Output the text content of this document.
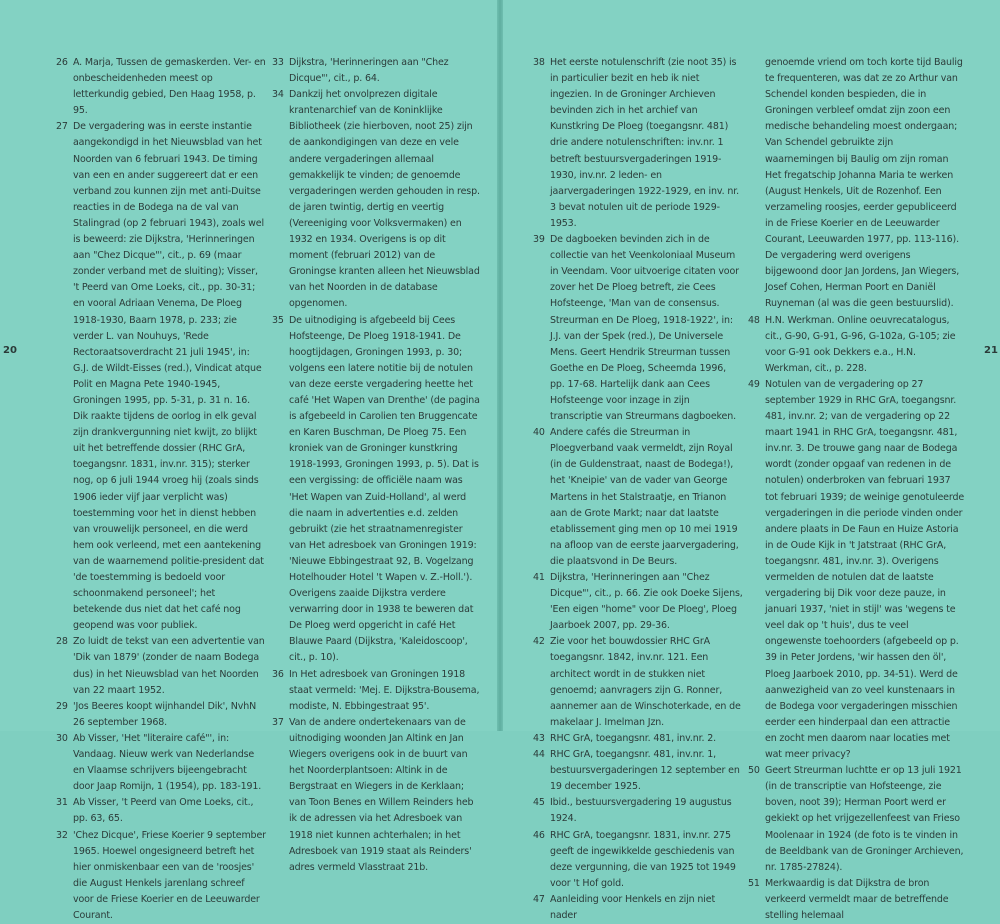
26 A. Marja, Tussen de gemaskerden. Ver- en onbescheidenheden meest op letterkundig gebied, Den Haag 1958, p. 95.

27 De vergadering was in eerste instantie aangekondigd in het Nieuwsblad van het Noorden van 6 februari 1943. De timing van een en ander suggereert dat er een verband zou kunnen zijn met anti-Duitse reacties in de Bodega na de val van Stalingrad (op 2 februari 1943), zoals wel is beweerd: zie Dijkstra, 'Herinneringen aan "Chez Dicque"', cit., p. 69 (maar zonder verband met de sluiting); Visser, 't Peerd van Ome Loeks, cit., pp. 30-31; en vooral Adriaan Venema, De Ploeg 1918-1930, Baarn 1978, p. 233; zie verder L. van Nouhuys, 'Rede Rectoraatsoverdracht 21 juli 1945', in: G.J. de Wildt-Eisses (red.), Vindicat atque Polit en Magna Pete 1940-1945, Groningen 1995, pp. 5-31, p. 31 n. 16. Dik raakte tijdens de oorlog in elk geval zijn drankvergunning niet kwijt, zo blijkt uit het betreffende dossier (RHC GrA, toegangsnr. 1831, inv.nr. 315); sterker nog, op 6 juli 1944 vroeg hij (zoals sinds 1906 ieder vijf jaar verplicht was) toestemming voor het in dienst hebben van vrouwelijk personeel, en die werd hem ook verleend, met een aantekening van de waarnemend politie-president dat 'de toestemming is bedoeld voor schoonmakend personeel'; het betekende dus niet dat het café nog geopend was voor publiek.

28 Zo luidt de tekst van een advertentie van 'Dik van 1879' (zonder de naam Bodega dus) in het Nieuwsblad van het Noorden van 22 maart 1952.

29 'Jos Beeres koopt wijnhandel Dik', NvhN 26 september 1968.

30 Ab Visser, 'Het "literaire café"', in: Vandaag. Nieuw werk van Nederlandse en Vlaamse schrijvers bijeengebracht door Jaap Romijn, 1 (1954), pp. 183-191.

31 Ab Visser, 't Peerd van Ome Loeks, cit., pp. 63, 65.

32 'Chez Dicque', Friese Koerier 9 september 1965. Hoewel ongesigneerd betreft het hier onmiskenbaar een van de 'roosjes' die August Henkels jarenlang schreef voor de Friese Koerier en de Leeuwarder Courant.

33 Dijkstra, 'Herinneringen aan "Chez Dicque"', cit., p. 64.

34 Dankzij het onvolprezen digitale krantenarchief van de Koninklijke Bibliotheek (zie hierboven, noot 25) zijn de aankondigingen van deze en vele andere vergaderingen allemaal gemakkelijk te vinden; de genoemde vergaderingen werden gehouden in resp. de jaren twintig, dertig en veertig (Vereeniging voor Volksvermaken) en 1932 en 1934. Overigens is op dit moment (februari 2012) van de Groningse kranten alleen het Nieuwsblad van het Noorden in de database opgenomen.

35 De uitnodiging is afgebeeld bij Cees Hofsteenge, De Ploeg 1918-1941. De hoogtijdagen, Groningen 1993, p. 30; volgens een latere notitie bij de notulen van deze eerste vergadering heette het café 'Het Wapen van Drenthe' (de pagina is afgebeeld in Carolien ten Bruggencate en Karen Buschman, De Ploeg 75. Een kroniek van de Groninger kunstkring 1918-1993, Groningen 1993, p. 5). Dat is een vergissing: de officiële naam was 'Het Wapen van Zuid-Holland', al werd die naam in advertenties e.d. zelden gebruikt (zie het straatnamenregister van Het adresboek van Groningen 1919: 'Nieuwe Ebbingestraat 92, B. Vogelzang Hotelhouder Hotel 't Wapen v. Z.-Holl.'). Overigens zaaide Dijkstra verdere verwarring door in 1938 te beweren dat De Ploeg werd opgericht in café Het Blauwe Paard (Dijkstra, 'Kaleidoscoop', cit., p. 10).

36 In Het adresboek van Groningen 1918 staat vermeld: 'Mej. E. Dijkstra-Bousema, modiste, N. Ebbingestraat 95'.

37 Van de andere ondertekenaars van de uitnodiging woonden Jan Altink en Jan Wiegers overigens ook in de buurt van het Noorderplantsoen: Altink in de Bergstraat en Wiegers in de Kerklaan; van Toon Benes en Willem Reinders heb ik de adressen via het Adresboek van 1918 niet kunnen achterhalen; in het Adresboek van 1919 staat als Reinders' adres vermeld Vlasstraat 21b.

20

38 Het eerste notulenschrift (zie noot 35) is in particulier bezit en heb ik niet ingezien. In de Groninger Archieven bevinden zich in het archief van Kunstkring De Ploeg (toegangsnr. 481) drie andere notulenschriften: inv.nr. 1 betreft bestuursvergaderingen 1919-1930, inv.nr. 2 leden- en jaarvergaderingen 1922-1929, en inv. nr. 3 bevat notulen uit de periode 1929-1953.

39 De dagboeken bevinden zich in de collectie van het Veenkoloniaal Museum in Veendam. Voor uitvoerige citaten voor zover het De Ploeg betreft, zie Cees Hofsteenge, 'Man van de consensus. Streurman en De Ploeg, 1918-1922', in: J.J. van der Spek (red.), De Universele Mens. Geert Hendrik Streurman tussen Goethe en De Ploeg, Scheemda 1996, pp. 17-68. Hartelijk dank aan Cees Hofsteenge voor inzage in zijn transcriptie van Streurmans dagboeken.

40 Andere cafés die Streurman in Ploegverband vaak vermeldt, zijn Royal (in de Guldenstraat, naast de Bodega!), het 'Kneipie' van de vader van George Martens in het Stalstraatje, en Trianon aan de Grote Markt; naar dat laatste etablissement ging men op 10 mei 1919 na afloop van de eerste jaarvergadering, die plaatsvond in De Beurs.

41 Dijkstra, 'Herinneringen aan "Chez Dicque"', cit., p. 66. Zie ook Doeke Sijens, 'Een eigen "home" voor De Ploeg', Ploeg Jaarboek 2007, pp. 29-36.

42 Zie voor het bouwdossier RHC GrA toegangsnr. 1842, inv.nr. 121. Een architect wordt in de stukken niet genoemd; aanvragers zijn G. Ronner, aannemer aan de Winschoterkade, en de makelaar J. Imelman Jzn.

43 RHC GrA, toegangsnr. 481, inv.nr. 2.

44 RHC GrA, toegangsnr. 481, inv.nr. 1, bestuursvergaderingen 12 september en 19 december 1925.

45 Ibid., bestuursvergadering 19 augustus 1924.

46 RHC GrA, toegangsnr. 1831, inv.nr. 275 geeft de ingewikkelde geschiedenis van deze vergunning, die van 1925 tot 1949 voor 't Hof gold.

47 Aanleiding voor Henkels en zijn niet nader

genoemde vriend om toch korte tijd Baulig te frequenteren, was dat ze zo Arthur van Schendel konden bespieden, die in Groningen verbleef omdat zijn zoon een medische behandeling moest ondergaan; Van Schendel gebruikte zijn waarnemingen bij Baulig om zijn roman Het fregatschip Johanna Maria te werken (August Henkels, Uit de Rozenhof. Een verzameling roosjes, eerder gepubliceerd in de Friese Koerier en de Leeuwarder Courant, Leeuwarden 1977, pp. 113-116). De vergadering werd overigens bijgewoond door Jan Jordens, Jan Wiegers, Josef Cohen, Herman Poort en Daniël Ruyneman (al was die geen bestuurslid).

48 H.N. Werkman. Online oeuvrecatalogus, cit., G-90, G-91, G-96, G-102a, G-105; zie voor G-91 ook Dekkers e.a., H.N. Werkman, cit., p. 228.

49 Notulen van de vergadering op 27 september 1929 in RHC GrA, toegangsnr. 481, inv.nr. 2; van de vergadering op 22 maart 1941 in RHC GrA, toegangsnr. 481, inv.nr. 3. De trouwe gang naar de Bodega wordt (zonder opgaaf van redenen in de notulen) onderbroken van februari 1937 tot februari 1939; de weinige genotuleerde vergaderingen in die periode vinden onder andere plaats in De Faun en Huize Astoria in de Oude Kijk in 't Jatstraat (RHC GrA, toegangsnr. 481, inv.nr. 3). Overigens vermelden de notulen dat de laatste vergadering bij Dik voor deze pauze, in januari 1937, 'niet in stijl' was 'wegens te veel dak op 't huis', dus te veel ongewenste toehoorders (afgebeeld op p. 39 in Peter Jordens, 'wir hassen den öl', Ploeg Jaarboek 2010, pp. 34-51). Werd de aanwezigheid van zo veel kunstenaars in de Bodega voor vergaderingen misschien eerder een hinderpaal dan een attractie en zocht men daarom naar locaties met wat meer privacy?

50 Geert Streurman luchtte er op 13 juli 1921 (in de transcriptie van Hofsteenge, zie boven, noot 39); Herman Poort werd er gekiekt op het vrijgezellenfeest van Frieso Moolenaar in 1924 (de foto is te vinden in de Beeldbank van de Groninger Archieven, nr. 1785-27824).

51 Merkwaardig is dat Dijkstra de bron verkeerd vermeldt maar de betreffende stelling helemaal

21
